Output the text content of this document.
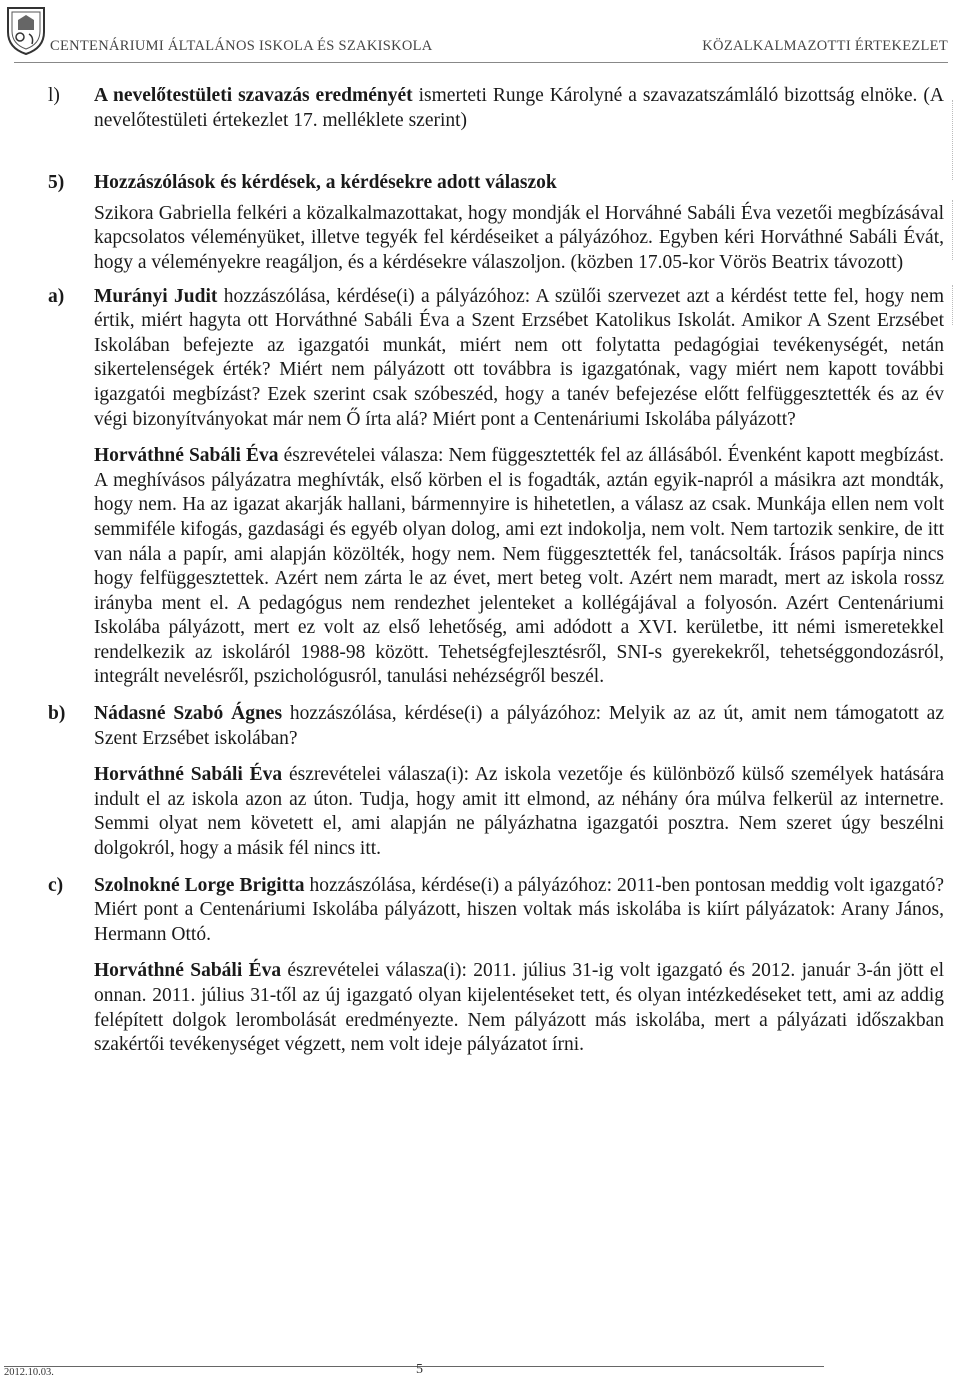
CENTENÁRIUMI ÁLTALÁNOS ISKOLA ÉS SZAKISKOLA	KÖZALKALMAZOTTI ÉRTEKEZLET
l)	A nevelőtestületi szavazás eredményét ismerteti Runge Károlyné a szavazatszámláló bizottság elnöke. (A nevelőtestületi értekezlet 17. melléklete szerint)
5)	Hozzászólások és kérdések, a kérdésekre adott válaszok

Szikora Gabriella felkéri a közalkalmazottakat, hogy mondják el Horváhné Sabáli Éva vezetői megbízásával kapcsolatos véleményüket, illetve tegyék fel kérdéseiket a pályázóhoz. Egyben kéri Horváthné Sabáli Évát, hogy a véleményekre reagáljon, és a kérdésekre válaszoljon. (közben 17.05-kor Vörös Beatrix távozott)

a)	Murányi Judit hozzászólása, kérdése(i) a pályázóhoz: A szülői szervezet azt a kérdést tette fel, hogy nem értik, miért hagyta ott Horváthné Sabáli Éva a Szent Erzsébet Katolikus Iskolát. Amikor A Szent Erzsébet Iskolában befejezte az igazgatói munkát, miért nem ott folytatta pedagógiai tevékenységét, netán sikertelenségek érték? Miért nem pályázott ott továbbra is igazgatónak, vagy miért nem kapott további igazgatói megbízást? Ezek szerint csak szóbeszéd, hogy a tanév befejezése előtt felfüggesztették és az év végi bizonyítványokat már nem Ő írta alá? Miért pont a Centenáriumi Iskolába pályázott?

Horváthné Sabáli Éva észrevételei válasza: Nem függesztették fel az állásából. Évenként kapott megbízást. A meghívásos pályázatra meghívták, első körben el is fogadták, aztán egyik-napról a másikra azt mondták, hogy nem. Ha az igazat akarják hallani, bármennyire is hihetetlen, a válasz az csak. Munkája ellen nem volt semmiféle kifogás, gazdasági és egyéb olyan dolog, ami ezt indokolja, nem volt. Nem tartozik senkire, de itt van nála a papír, ami alapján közölték, hogy nem. Nem függesztették fel, tanácsolták. Írásos papírja nincs hogy felfüggesztettek. Azért nem zárta le az évet, mert beteg volt. Azért nem maradt, mert az iskola rossz irányba ment el. A pedagógus nem rendezhet jelenteket a kollégájával a folyosón. Azért Centenáriumi Iskolába pályázott, mert ez volt az első lehetőség, ami adódott a XVI. kerületbe, itt némi ismeretekkel rendelkezik az iskoláról 1988-98 között. Tehetségfejlesztésről, SNI-s gyerekekről, tehetséggondozásról, integrált nevelésről, pszichológusról, tanulási nehézségről beszél.

b)	Nádasné Szabó Ágnes hozzászólása, kérdése(i) a pályázóhoz: Melyik az az út, amit nem támogatott az Szent Erzsébet iskolában?

Horváthné Sabáli Éva észrevételei válasza(i): Az iskola vezetője és különböző külső személyek hatására indult el az iskola azon az úton. Tudja, hogy amit itt elmond, az néhány óra múlva felkerül az internetre. Semmi olyat nem követett el, ami alapján ne pályázhatna igazgatói posztra. Nem szeret úgy beszélni dolgokról, hogy a másik fél nincs itt.

c)	Szolnokné Lorge Brigitta hozzászólása, kérdése(i) a pályázóhoz: 2011-ben pontosan meddig volt igazgató? Miért pont a Centenáriumi Iskolába pályázott, hiszen voltak más iskolába is kiírt pályázatok: Arany János, Hermann Ottó.

Horváthné Sabáli Éva észrevételei válasza(i): 2011. július 31-ig volt igazgató és 2012. január 3-án jött el onnan. 2011. július 31-től az új igazgató olyan kijelentéseket tett, és olyan intézkedéseket tett, ami az addig felépített dolgok lerombolását eredményezte. Nem pályázott más iskolába, mert a pályázati időszakban szakértői tevékenységet végzett, nem volt ideje pályázatot írni.

2012.10.03.	5
